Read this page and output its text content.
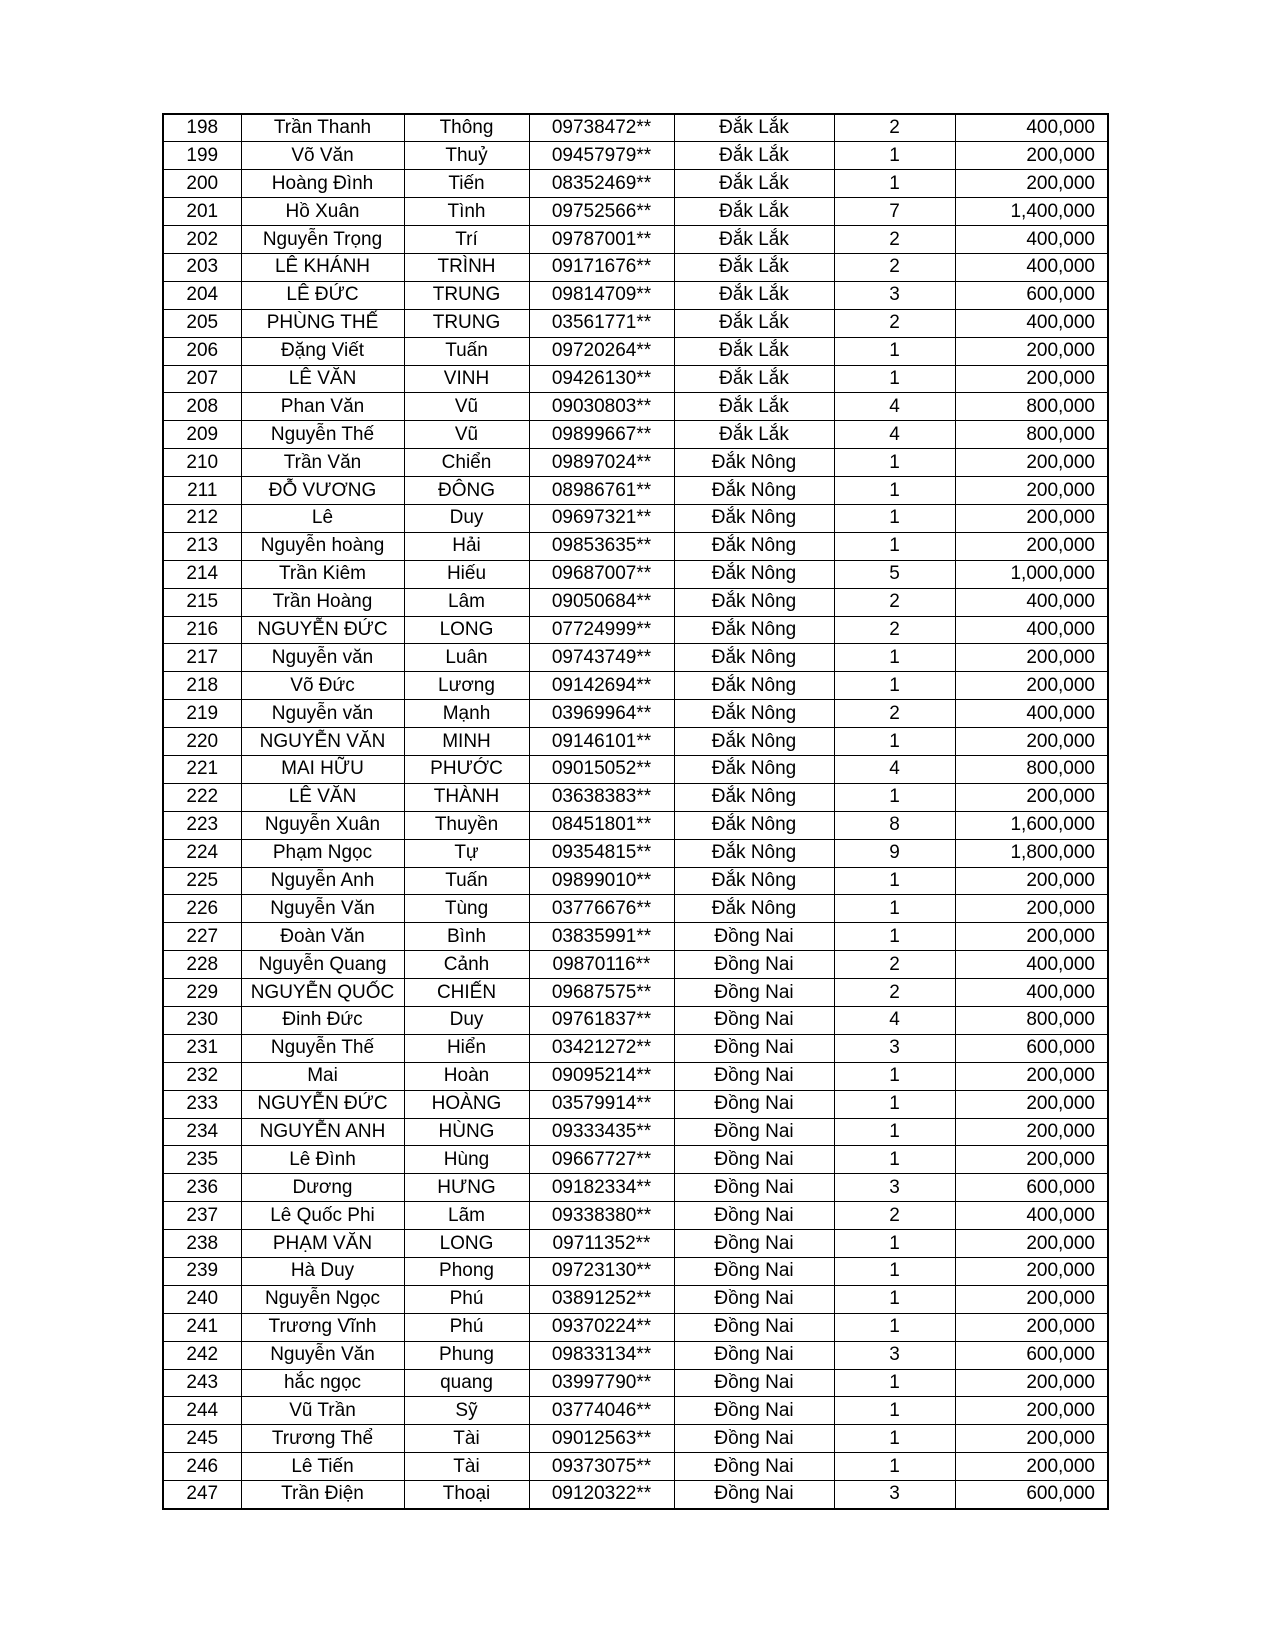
198	Trần Thanh	Thông	09738472**	Đắk Lắk	2	400,000
199	Võ Văn	Thuỷ	09457979**	Đắk Lắk	1	200,000
200	Hoàng Đình	Tiến	08352469**	Đắk Lắk	1	200,000
201	Hồ Xuân	Tình	09752566**	Đắk Lắk	7	1,400,000
202	Nguyễn Trọng	Trí	09787001**	Đắk Lắk	2	400,000
203	LÊ KHÁNH	TRÌNH	09171676**	Đắk Lắk	2	400,000
204	LÊ ĐỨC	TRUNG	09814709**	Đắk Lắk	3	600,000
205	PHÙNG THẾ	TRUNG	03561771**	Đắk Lắk	2	400,000
206	Đặng Viết	Tuấn	09720264**	Đắk Lắk	1	200,000
207	LÊ VĂN	VINH	09426130**	Đắk Lắk	1	200,000
208	Phan Văn	Vũ	09030803**	Đắk Lắk	4	800,000
209	Nguyễn Thế	Vũ	09899667**	Đắk Lắk	4	800,000
210	Trần Văn	Chiển	09897024**	Đắk Nông	1	200,000
211	ĐỖ VƯƠNG	ĐÔNG	08986761**	Đắk Nông	1	200,000
212	Lê	Duy	09697321**	Đắk Nông	1	200,000
213	Nguyễn hoàng	Hải	09853635**	Đắk Nông	1	200,000
214	Trần Kiêm	Hiếu	09687007**	Đắk Nông	5	1,000,000
215	Trần Hoàng	Lâm	09050684**	Đắk Nông	2	400,000
216	NGUYỄN ĐỨC	LONG	07724999**	Đắk Nông	2	400,000
217	Nguyễn văn	Luân	09743749**	Đắk Nông	1	200,000
218	Võ Đức	Lương	09142694**	Đắk Nông	1	200,000
219	Nguyễn văn	Mạnh	03969964**	Đắk Nông	2	400,000
220	NGUYỄN VĂN	MINH	09146101**	Đắk Nông	1	200,000
221	MAI HỮU	PHƯỚC	09015052**	Đắk Nông	4	800,000
222	LÊ VĂN	THÀNH	03638383**	Đắk Nông	1	200,000
223	Nguyễn Xuân	Thuyền	08451801**	Đắk Nông	8	1,600,000
224	Phạm Ngọc	Tự	09354815**	Đắk Nông	9	1,800,000
225	Nguyễn Anh	Tuấn	09899010**	Đắk Nông	1	200,000
226	Nguyễn Văn	Tùng	03776676**	Đắk Nông	1	200,000
227	Đoàn Văn	Bình	03835991**	Đồng Nai	1	200,000
228	Nguyễn Quang	Cảnh	09870116**	Đồng Nai	2	400,000
229	NGUYỄN QUỐC	CHIẾN	09687575**	Đồng Nai	2	400,000
230	Đinh Đức	Duy	09761837**	Đồng Nai	4	800,000
231	Nguyễn Thế	Hiển	03421272**	Đồng Nai	3	600,000
232	Mai	Hoàn	09095214**	Đồng Nai	1	200,000
233	NGUYỄN ĐỨC	HOÀNG	03579914**	Đồng Nai	1	200,000
234	NGUYỄN ANH	HÙNG	09333435**	Đồng Nai	1	200,000
235	Lê Đình	Hùng	09667727**	Đồng Nai	1	200,000
236	Dương	HƯNG	09182334**	Đồng Nai	3	600,000
237	Lê Quốc Phi	Lãm	09338380**	Đồng Nai	2	400,000
238	PHẠM VĂN	LONG	09711352**	Đồng Nai	1	200,000
239	Hà Duy	Phong	09723130**	Đồng Nai	1	200,000
240	Nguyễn Ngọc	Phú	03891252**	Đồng Nai	1	200,000
241	Trương Vĩnh	Phú	09370224**	Đồng Nai	1	200,000
242	Nguyễn Văn	Phung	09833134**	Đồng Nai	3	600,000
243	hắc ngọc	quang	03997790**	Đồng Nai	1	200,000
244	Vũ Trần	Sỹ	03774046**	Đồng Nai	1	200,000
245	Trương Thể	Tài	09012563**	Đồng Nai	1	200,000
246	Lê Tiến	Tài	09373075**	Đồng Nai	1	200,000
247	Trần Điện	Thoại	09120322**	Đồng Nai	3	600,000
